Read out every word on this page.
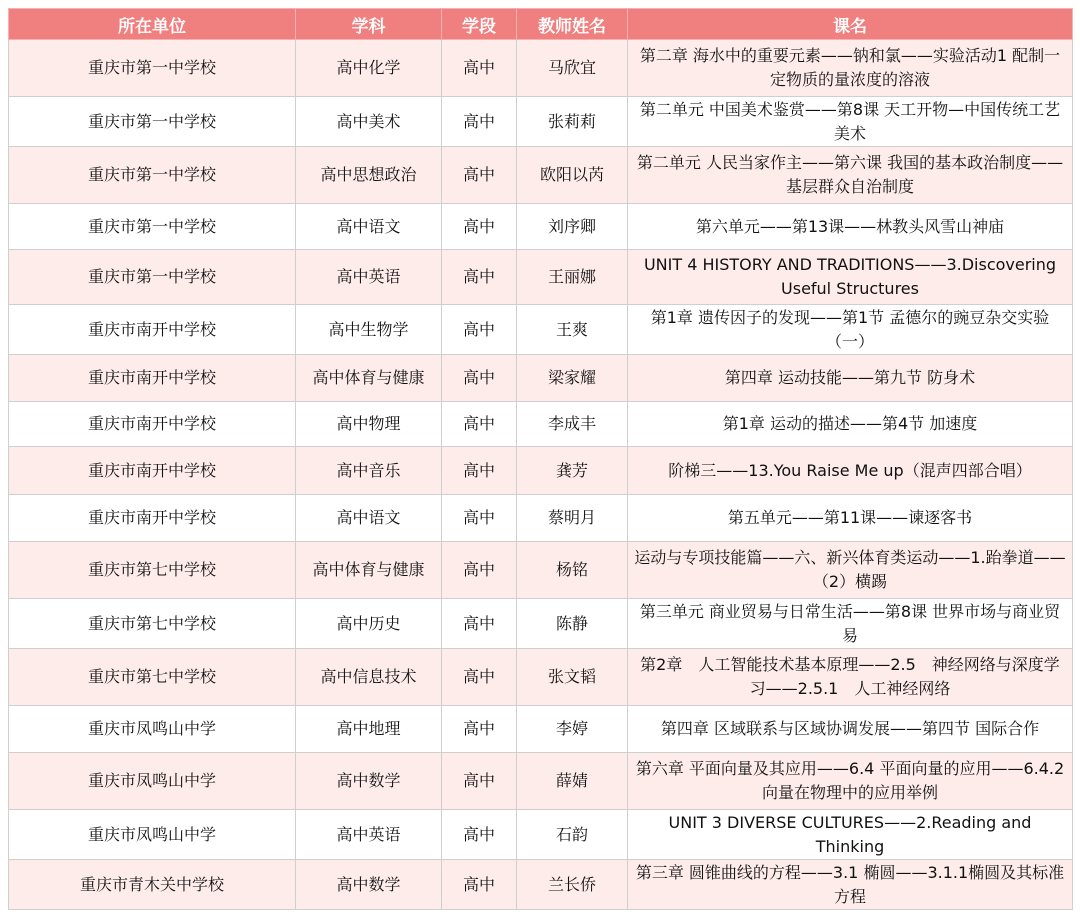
所在单位	学科	学段	教师姓名	课名
重庆市第一中学校	高中化学	高中	马欣宜	第二章 海水中的重要元素——钠和氯——实验活动1 配制一定物质的量浓度的溶液
重庆市第一中学校	高中美术	高中	张莉莉	第二单元 中国美术鉴赏——第8课 天工开物—中国传统工艺美术
重庆市第一中学校	高中思想政治	高中	欧阳以芮	第二单元 人民当家作主——第六课 我国的基本政治制度——基层群众自治制度
重庆市第一中学校	高中语文	高中	刘序卿	第六单元——第13课——林教头风雪山神庙
重庆市第一中学校	高中英语	高中	王丽娜	UNIT 4 HISTORY AND TRADITIONS——3.Discovering Useful Structures
重庆市南开中学校	高中生物学	高中	王爽	第1章 遗传因子的发现——第1节 孟德尔的豌豆杂交实验（一）
重庆市南开中学校	高中体育与健康	高中	梁家耀	第四章 运动技能——第九节 防身术
重庆市南开中学校	高中物理	高中	李成丰	第1章 运动的描述——第4节 加速度
重庆市南开中学校	高中音乐	高中	龚芳	阶梯三——13.You Raise Me up（混声四部合唱）
重庆市南开中学校	高中语文	高中	蔡明月	第五单元——第11课——谏逐客书
重庆市第七中学校	高中体育与健康	高中	杨铭	运动与专项技能篇——六、新兴体育类运动——1.跆拳道——（2）横踢
重庆市第七中学校	高中历史	高中	陈静	第三单元 商业贸易与日常生活——第8课 世界市场与商业贸易
重庆市第七中学校	高中信息技术	高中	张文韬	第2章　人工智能技术基本原理——2.5　神经网络与深度学习——2.5.1　人工神经网络
重庆市凤鸣山中学	高中地理	高中	李婷	第四章 区域联系与区域协调发展——第四节 国际合作
重庆市凤鸣山中学	高中数学	高中	薛婧	第六章 平面向量及其应用——6.4 平面向量的应用——6.4.2向量在物理中的应用举例
重庆市凤鸣山中学	高中英语	高中	石韵	UNIT 3 DIVERSE CULTURES——2.Reading and Thinking
重庆市青木关中学校	高中数学	高中	兰长侨	第三章 圆锥曲线的方程——3.1 椭圆——3.1.1椭圆及其标准方程
